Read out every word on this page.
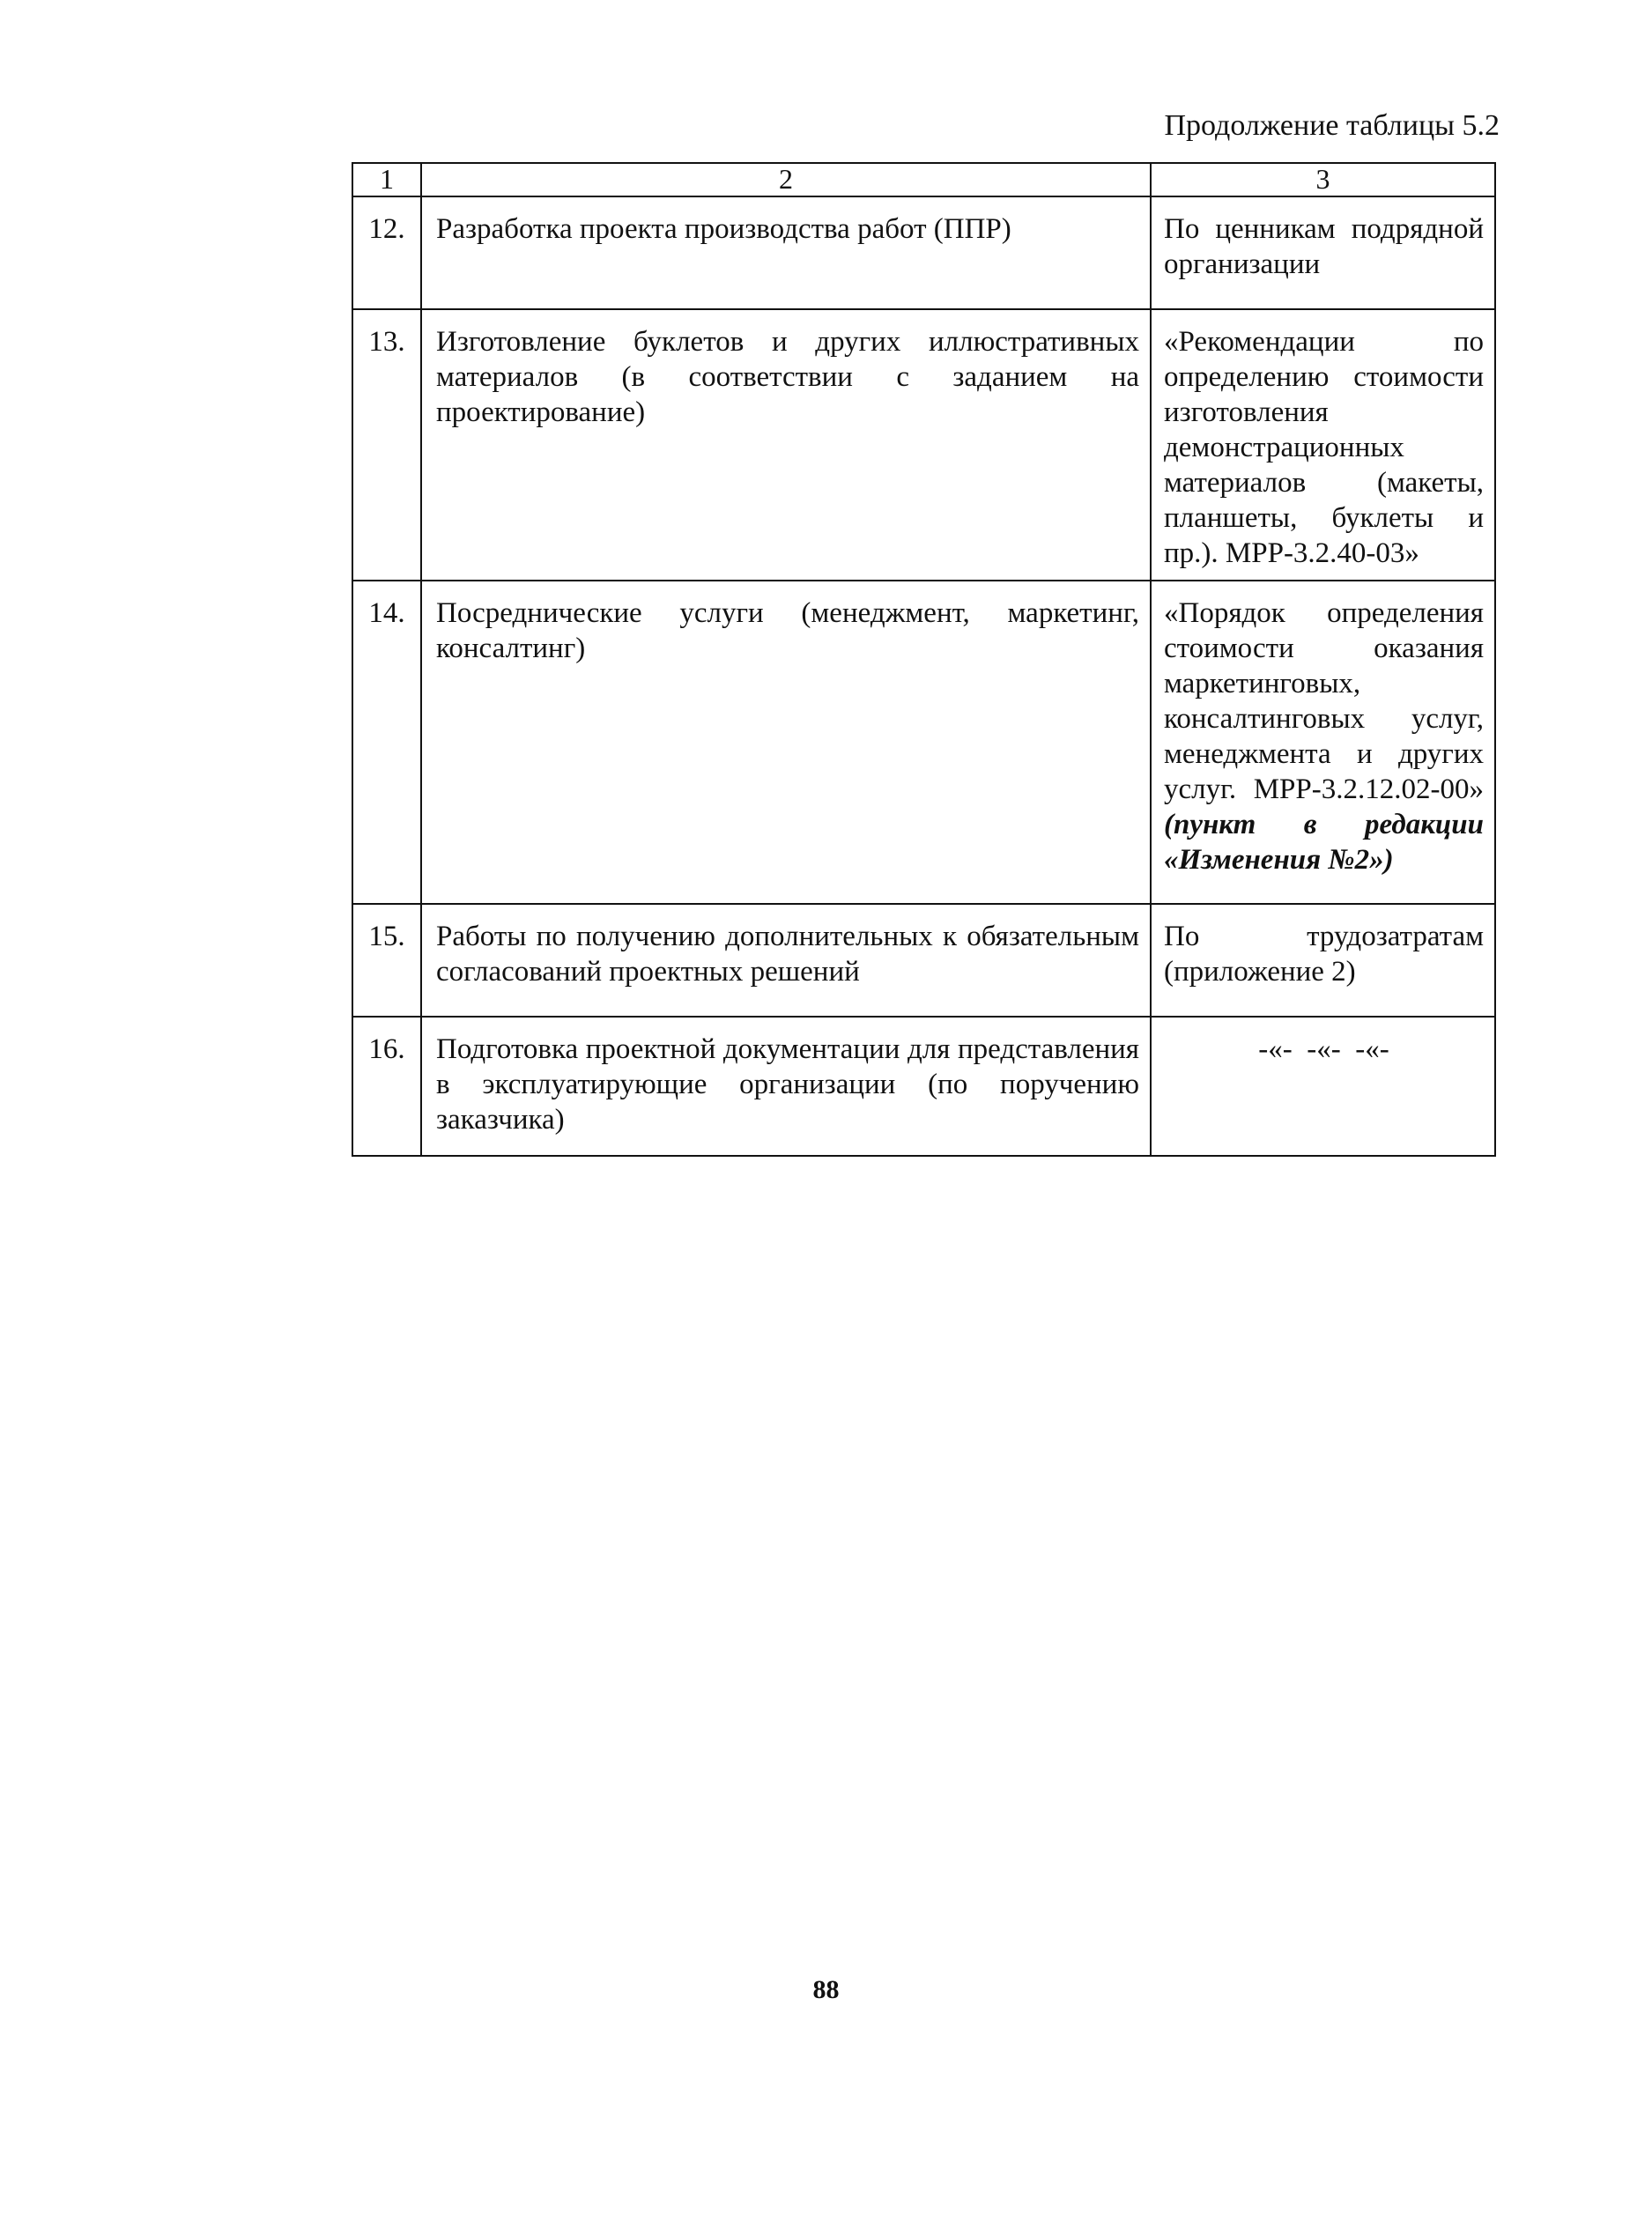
Продолжение таблицы 5.2
1	2	3
12.	Разработка проекта производства работ (ППР)	По ценникам подрядной организации
13.	Изготовление буклетов и других иллюстративных материалов (в соответствии с заданием на проектирование)	«Рекомендации по определению стоимости изготовления демонстрационных материалов (макеты, планшеты, буклеты и пр.). МРР-3.2.40-03»
14.	Посреднические услуги (менеджмент, маркетинг, консалтинг)	«Порядок определения стоимости оказания маркетинговых, консалтинговых услуг, менеджмента и других услуг. МРР-3.2.12.02-00» (пункт в редакции «Изменения №2»)
15.	Работы по получению дополнительных к обязательным согласований проектных решений	По трудозатратам (приложение 2)
16.	Подготовка проектной документации для представления в эксплуатирующие организации (по поручению заказчика)	-«-  -«-  -«-
88
